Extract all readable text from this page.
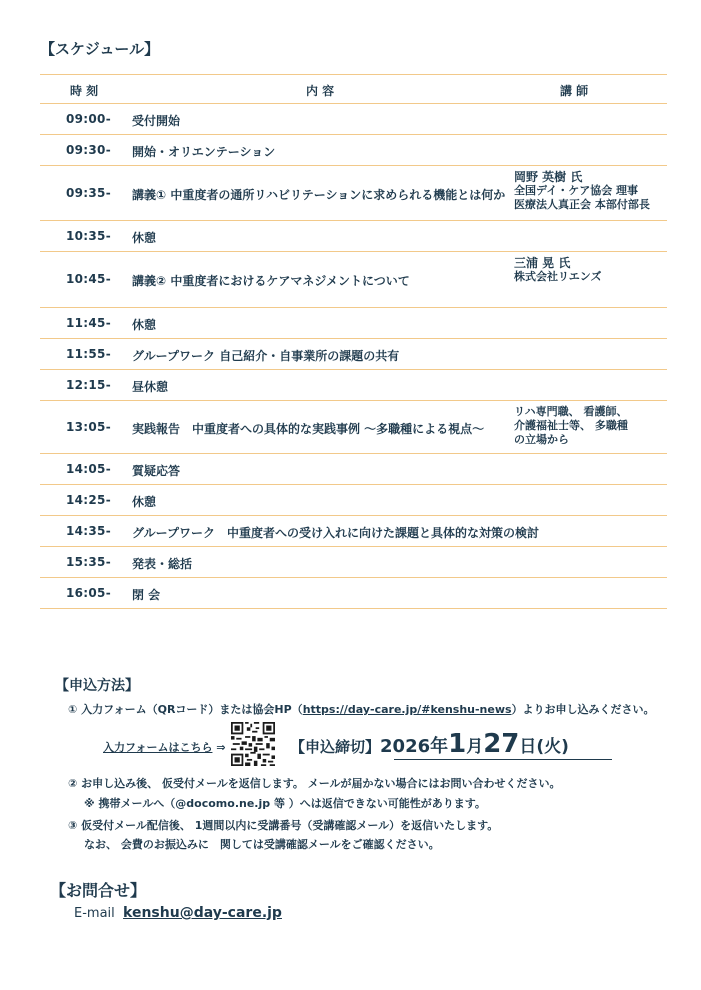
【スケジュール】
時 刻	内 容	講 師
09:00- 受付開始
09:30- 開始・オリエンテーション
09:35- 講義① 中重度者の通所リハビリテーションに求められる機能とは何か
岡野 英樹 氏
全国デイ・ケア協会 理事
医療法人真正会 本部付部長
10:35- 休憩
10:45- 講義② 中重度者におけるケアマネジメントについて
三浦 晃 氏
株式会社リエンズ
11:45- 休憩
11:55- グループワーク 自己紹介・自事業所の課題の共有
12:15- 昼休憩
13:05- 実践報告　中重度者への具体的な実践事例 ～多職種による視点～
リハ専門職、 看護師、
介護福祉士等、 多職種
の立場から
14:05- 質疑応答
14:25- 休憩
14:35- グループワーク　中重度者への受け入れに向けた課題と具体的な対策の検討
15:35- 発表・総括
16:05- 閉 会
【申込方法】
① 入力フォーム（QRコード）または協会HP（https://day-care.jp/#kenshu-news）よりお申し込みください。
入力フォームはこちら ⇒	【申込締切】2026年1月27日(火)
② お申し込み後、 仮受付メールを返信します。 メールが届かない場合にはお問い合わせください。
※ 携帯メールへ（@docomo.ne.jp 等 ）へは返信できない可能性があります。
③ 仮受付メール配信後、 1週間以内に受講番号（受講確認メール）を返信いたします。
なお、 会費のお振込みに　関しては受講確認メールをご確認ください。
【お問合せ】
E-mail kenshu@day-care.jp
